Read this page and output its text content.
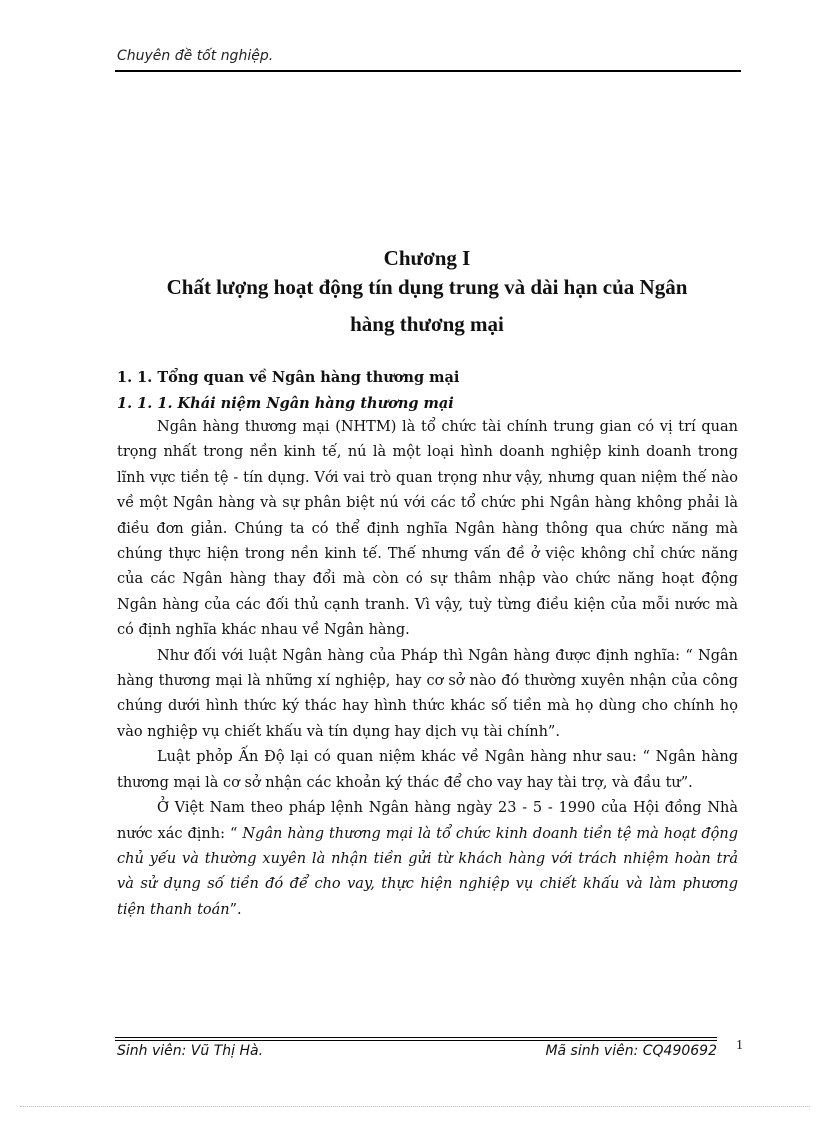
Chuyên đề tốt nghiệp.
Chương I
Chất lượng hoạt động tín dụng trung và dài hạn của Ngân
hàng thương mại
1. 1. Tổng quan về Ngân hàng thương mại
1. 1. 1. Khái niệm Ngân hàng thương mại

Ngân hàng thương mại (NHTM) là tổ chức tài chính trung gian có vị trí quan trọng nhất trong nền kinh tế, nú là một loại hình doanh nghiệp kinh doanh trong lĩnh vực tiền tệ - tín dụng. Với vai trò quan trọng như vậy, nhưng quan niệm thế nào về một Ngân hàng và sự phân biệt nú với các tổ chức phi Ngân hàng không phải là điều đơn giản. Chúng ta có thể định nghĩa Ngân hàng thông qua chức năng mà chúng thực hiện trong nền kinh tế. Thế nhưng vấn đề ở việc không chỉ chức năng của các Ngân hàng thay đổi mà còn có sự thâm nhập vào chức năng hoạt động Ngân hàng của các đối thủ cạnh tranh. Vì vậy, tuỳ từng điều kiện của mỗi nước mà có định nghĩa khác nhau về Ngân hàng.

Như đối với luật Ngân hàng của Pháp thì Ngân hàng được định nghĩa: “ Ngân hàng thương mại là những xí nghiệp, hay cơ sở nào đó thường xuyên nhận của công chúng dưới hình thức ký thác hay hình thức khác số tiền mà họ dùng cho chính họ vào nghiệp vụ chiết khấu và tín dụng hay dịch vụ tài chính”.

Luật phỏp Ấn Độ lại có quan niệm khác về Ngân hàng như sau: “ Ngân hàng thương mại là cơ sở nhận các khoản ký thác để cho vay hay tài trợ, và đầu tư”.

Ở Việt Nam theo pháp lệnh Ngân hàng ngày 23 - 5 - 1990 của Hội đồng Nhà nước xác định: “ Ngân hàng thương mại là tổ chức kinh doanh tiền tệ mà hoạt động chủ yếu và thường xuyên là nhận tiền gửi từ khách hàng với trách nhiệm hoàn trả và sử dụng số tiền đó để cho vay, thực hiện nghiệp vụ chiết khấu và làm phương tiện thanh toán”.

Sinh viên: Vũ Thị Hà.	Mã sinh viên: CQ490692 1
